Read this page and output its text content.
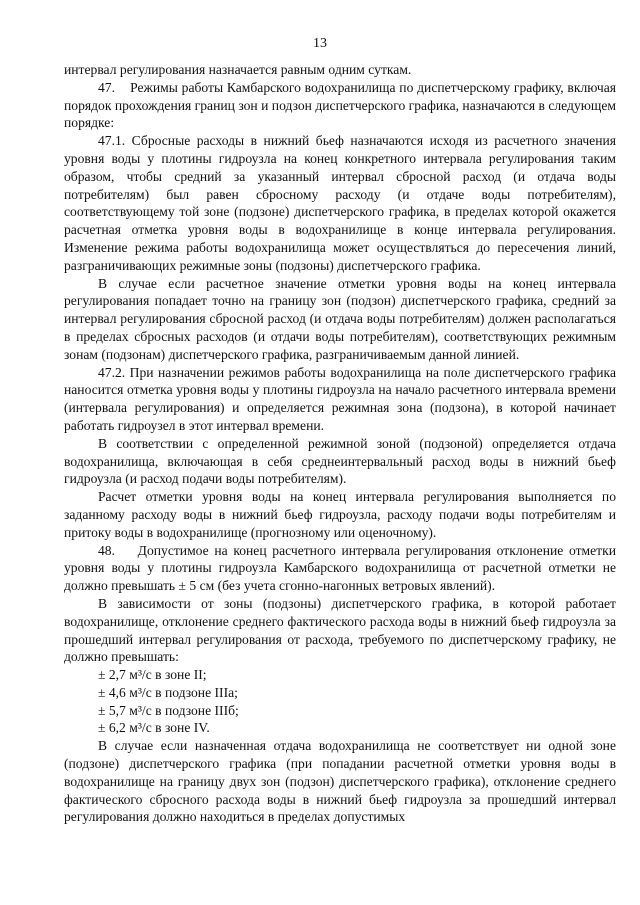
13

интервал регулирования назначается равным одним суткам.

47.    Режимы работы Камбарского водохранилища по диспетчерскому графику, включая порядок прохождения границ зон и подзон диспетчерского графика, назначаются в следующем порядке:

47.1. Сбросные расходы в нижний бьеф назначаются исходя из расчетного значения уровня воды у плотины гидроузла на конец конкретного интервала регулирования таким образом, чтобы средний за указанный интервал сбросной расход (и отдача воды потребителям) был равен сбросному расходу (и отдаче воды потребителям), соответствующему той зоне (подзоне) диспетчерского графика, в пределах которой окажется расчетная отметка уровня воды в водохранилище в конце интервала регулирования. Изменение режима работы водохранилища может осуществляться до пересечения линий, разграничивающих режимные зоны (подзоны) диспетчерского графика.

В случае если расчетное значение отметки уровня воды на конец интервала регулирования попадает точно на границу зон (подзон) диспетчерского графика, средний за интервал регулирования сбросной расход (и отдача воды потребителям) должен располагаться в пределах сбросных расходов (и отдачи воды потребителям), соответствующих режимным зонам (подзонам) диспетчерского графика, разграничиваемым данной линией.

47.2. При назначении режимов работы водохранилища на поле диспетчерского графика наносится отметка уровня воды у плотины гидроузла на начало расчетного интервала времени (интервала регулирования) и определяется режимная зона (подзона), в которой начинает работать гидроузел в этот интервал времени.

В соответствии с определенной режимной зоной (подзоной) определяется отдача водохранилища, включающая в себя среднеинтервальный расход воды в нижний бьеф гидроузла (и расход подачи воды потребителям).

Расчет отметки уровня воды на конец интервала регулирования выполняется по заданному расходу воды в нижний бьеф гидроузла, расходу подачи воды потребителям и притоку воды в водохранилище (прогнозному или оценочному).

48.    Допустимое на конец расчетного интервала регулирования отклонение отметки уровня воды у плотины гидроузла Камбарского водохранилища от расчетной отметки не должно превышать ± 5 см (без учета сгонно-нагонных ветровых явлений).

В зависимости от зоны (подзоны) диспетчерского графика, в которой работает водохранилище, отклонение среднего фактического расхода воды в нижний бьеф гидроузла за прошедший интервал регулирования от расхода, требуемого по диспетчерскому графику, не должно превышать:

± 2,7 м³/с в зоне II;
± 4,6 м³/с в подзоне IIIа;
± 5,7 м³/с в подзоне IIIб;
± 6,2 м³/с в зоне IV.

В случае если назначенная отдача водохранилища не соответствует ни одной зоне (подзоне) диспетчерского графика (при попадании расчетной отметки уровня воды в водохранилище на границу двух зон (подзон) диспетчерского графика), отклонение среднего фактического сбросного расхода воды в нижний бьеф гидроузла за прошедший интервал регулирования должно находиться в пределах допустимых
